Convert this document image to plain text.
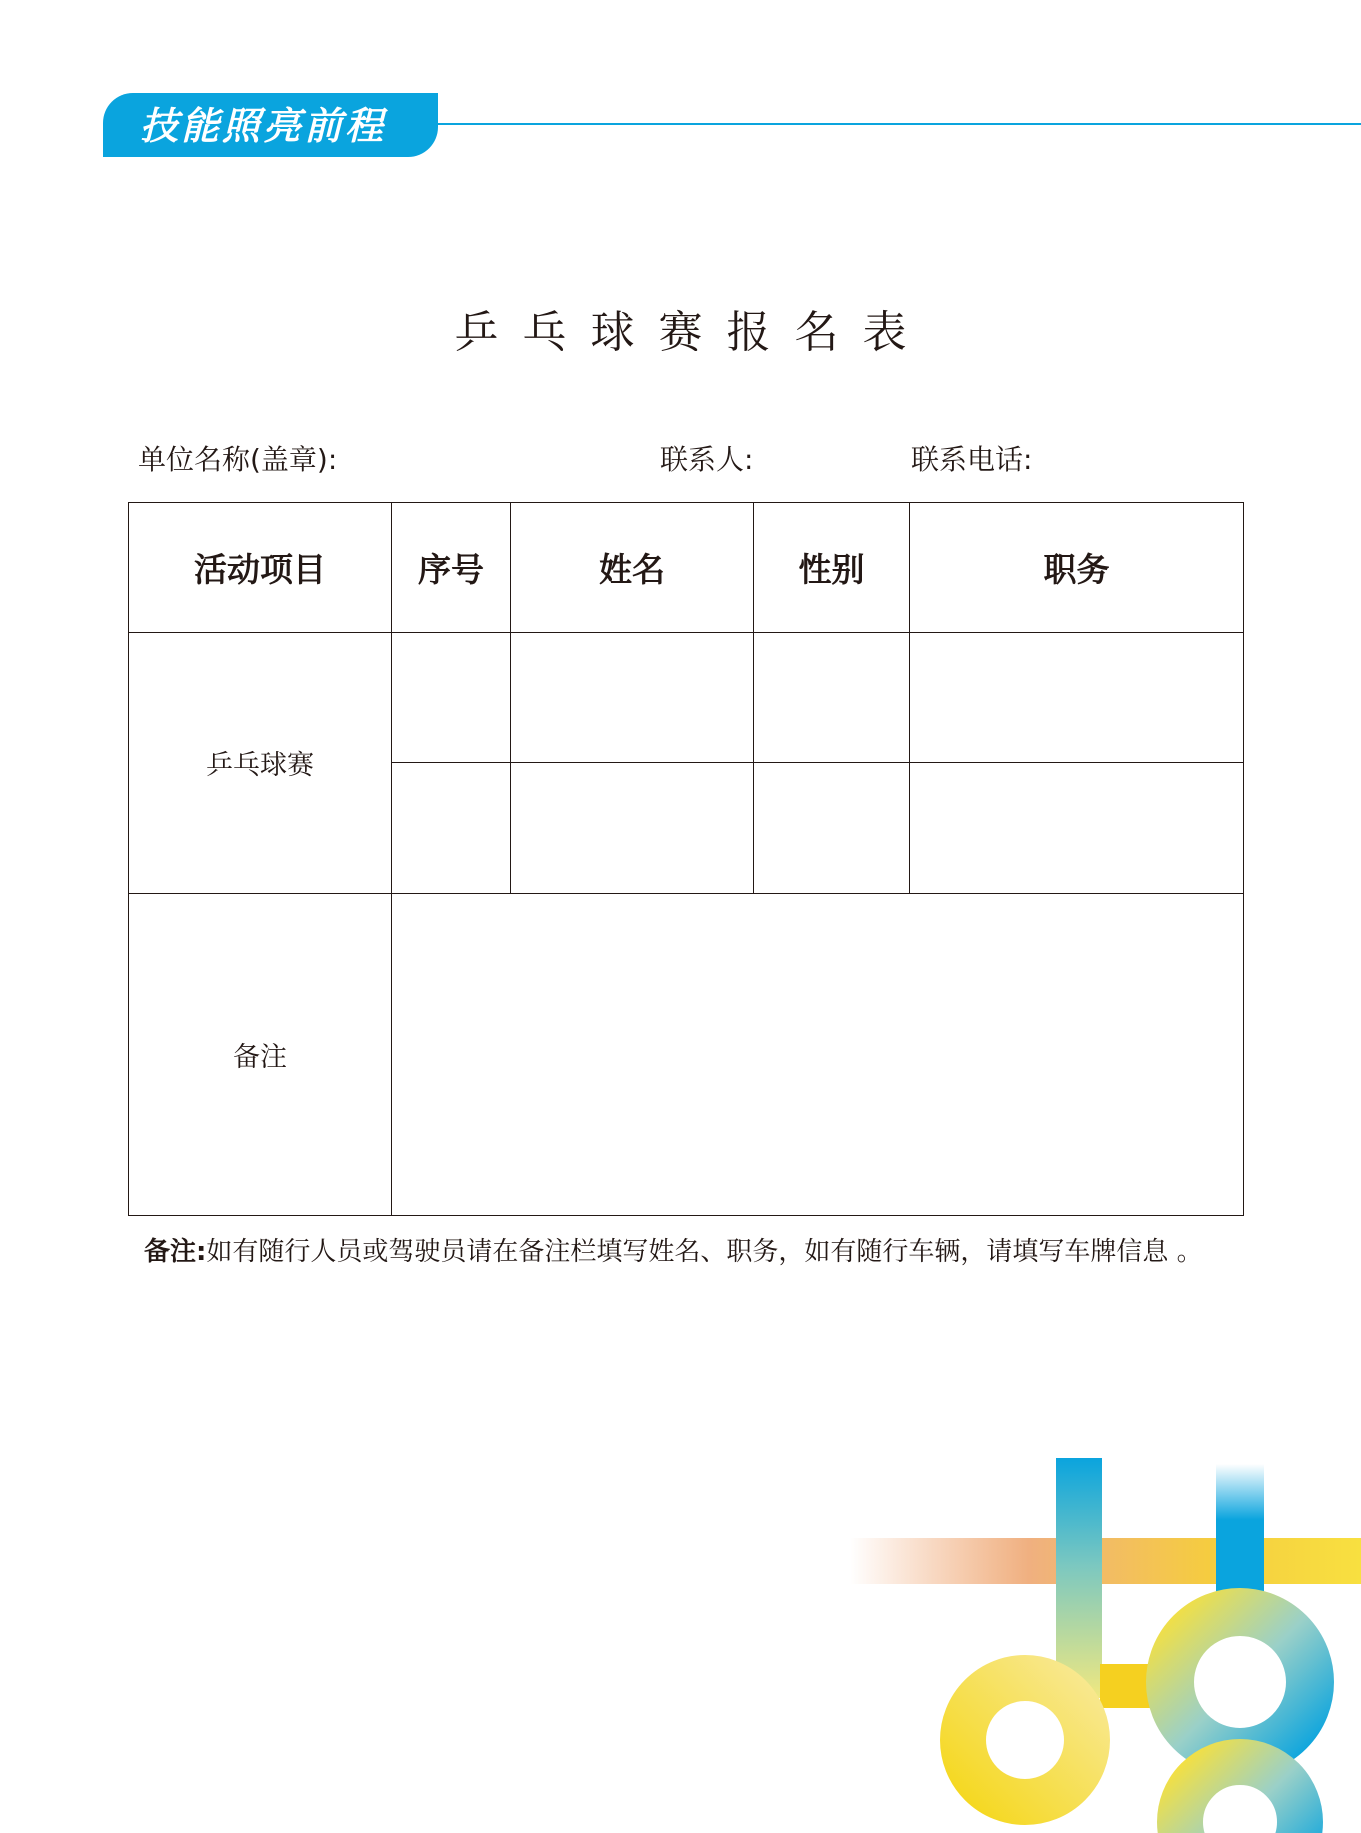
技能照亮前程
乒乓球赛报名表
单位名称(盖章):	联系人:	联系电话:
活动项目	序号	姓名	性别	职务
乒乓球赛				

备注				
备注:如有随行人员或驾驶员请在备注栏填写姓名、职务，如有随行车辆，请填写车牌信息 。
